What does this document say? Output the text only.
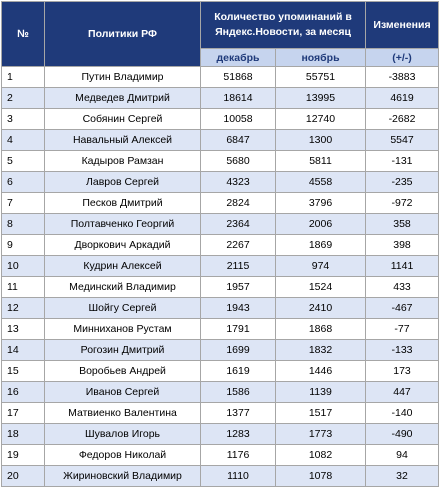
№	Политики РФ	Количество упоминаний в Яндекс.Новости, за месяц		Изменения
		декабрь	ноябрь	(+/-)
1	Путин Владимир	51868	55751	-3883
2	Медведев Дмитрий	18614	13995	4619
3	Собянин Сергей	10058	12740	-2682
4	Навальный Алексей	6847	1300	5547
5	Кадыров Рамзан	5680	5811	-131
6	Лавров Сергей	4323	4558	-235
7	Песков Дмитрий	2824	3796	-972
8	Полтавченко Георгий	2364	2006	358
9	Дворкович Аркадий	2267	1869	398
10	Кудрин Алексей	2115	974	1141
11	Мединский Владимир	1957	1524	433
12	Шойгу Сергей	1943	2410	-467
13	Минниханов Рустам	1791	1868	-77
14	Рогозин Дмитрий	1699	1832	-133
15	Воробьев Андрей	1619	1446	173
16	Иванов Сергей	1586	1139	447
17	Матвиенко Валентина	1377	1517	-140
18	Шувалов Игорь	1283	1773	-490
19	Федоров Николай	1176	1082	94
20	Жириновский Владимир	1110	1078	32
